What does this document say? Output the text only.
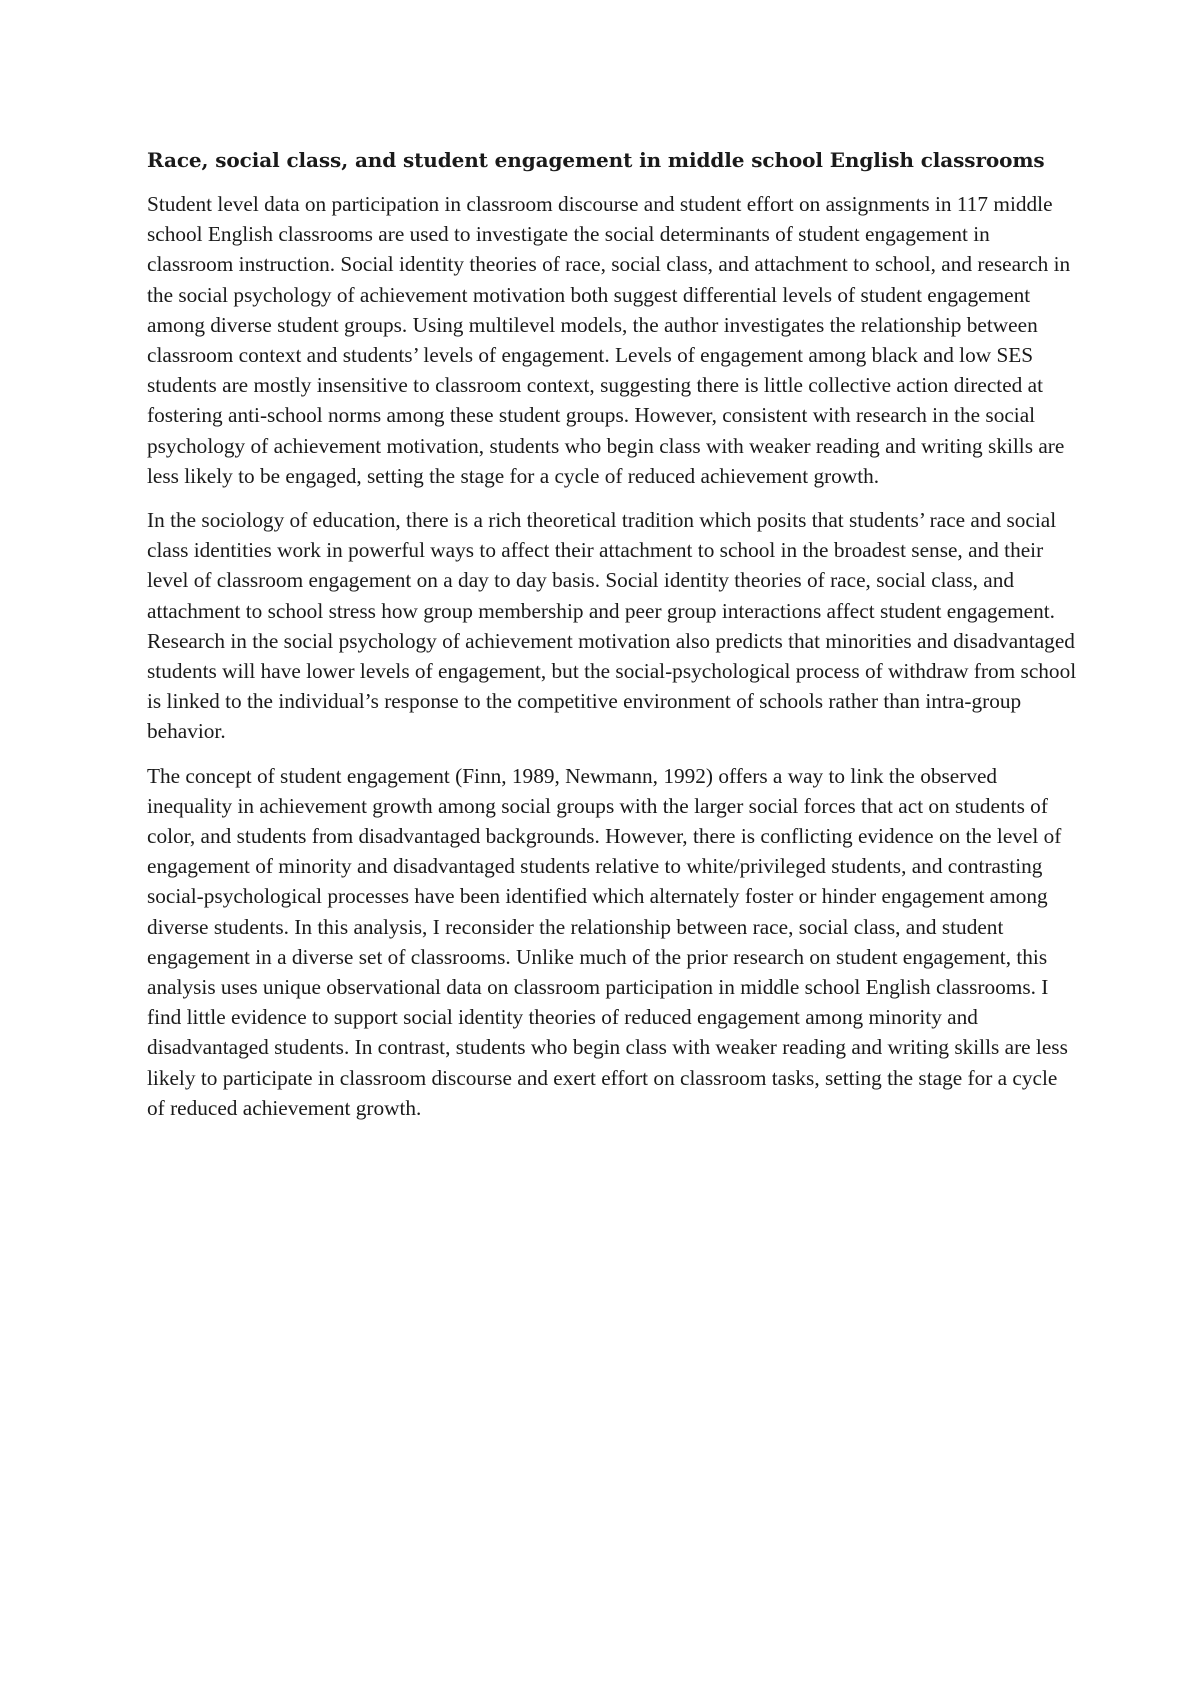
Race, social class, and student engagement in middle school English classrooms

Student level data on participation in classroom discourse and student effort on assignments in 117 middle school English classrooms are used to investigate the social determinants of student engagement in classroom instruction. Social identity theories of race, social class, and attachment to school, and research in the social psychology of achievement motivation both suggest differential levels of student engagement among diverse student groups. Using multilevel models, the author investigates the relationship between classroom context and students’ levels of engagement. Levels of engagement among black and low SES students are mostly insensitive to classroom context, suggesting there is little collective action directed at fostering anti-school norms among these student groups. However, consistent with research in the social psychology of achievement motivation, students who begin class with weaker reading and writing skills are less likely to be engaged, setting the stage for a cycle of reduced achievement growth.

In the sociology of education, there is a rich theoretical tradition which posits that students’ race and social class identities work in powerful ways to affect their attachment to school in the broadest sense, and their level of classroom engagement on a day to day basis. Social identity theories of race, social class, and attachment to school stress how group membership and peer group interactions affect student engagement. Research in the social psychology of achievement motivation also predicts that minorities and disadvantaged students will have lower levels of engagement, but the social-psychological process of withdraw from school is linked to the individual’s response to the competitive environment of schools rather than intra-group behavior.

The concept of student engagement (Finn, 1989, Newmann, 1992) offers a way to link the observed inequality in achievement growth among social groups with the larger social forces that act on students of color, and students from disadvantaged backgrounds. However, there is conflicting evidence on the level of engagement of minority and disadvantaged students relative to white/privileged students, and contrasting social-psychological processes have been identified which alternately foster or hinder engagement among diverse students. In this analysis, I reconsider the relationship between race, social class, and student engagement in a diverse set of classrooms. Unlike much of the prior research on student engagement, this analysis uses unique observational data on classroom participation in middle school English classrooms. I find little evidence to support social identity theories of reduced engagement among minority and disadvantaged students. In contrast, students who begin class with weaker reading and writing skills are less likely to participate in classroom discourse and exert effort on classroom tasks, setting the stage for a cycle of reduced achievement growth.
